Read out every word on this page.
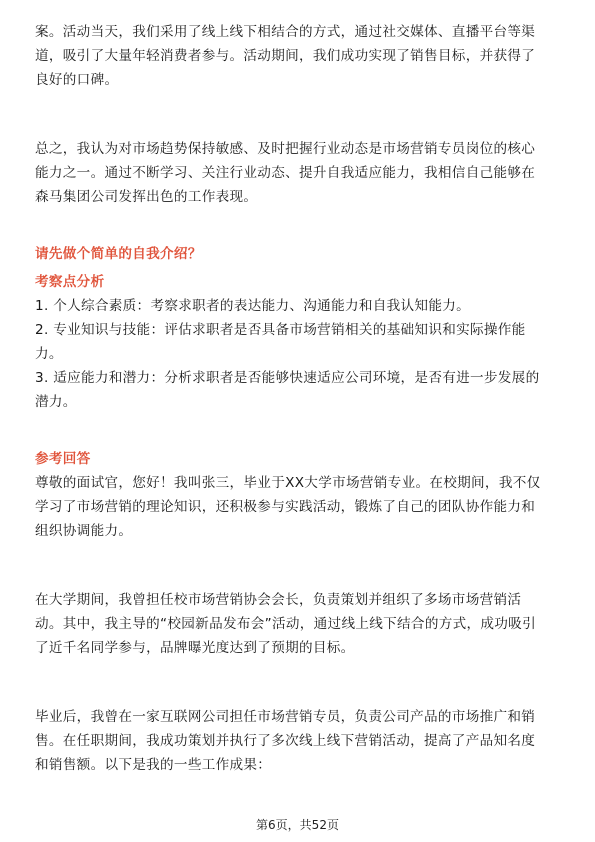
案。活动当天，我们采用了线上线下相结合的方式，通过社交媒体、直播平台等渠
道，吸引了大量年轻消费者参与。活动期间，我们成功实现了销售目标，并获得了
良好的口碑。
总之，我认为对市场趋势保持敏感、及时把握行业动态是市场营销专员岗位的核心
能力之一。通过不断学习、关注行业动态、提升自我适应能力，我相信自己能够在
森马集团公司发挥出色的工作表现。
请先做个简单的自我介绍？
考察点分析
1. 个人综合素质：考察求职者的表达能力、沟通能力和自我认知能力。
2. 专业知识与技能：评估求职者是否具备市场营销相关的基础知识和实际操作能
力。
3. 适应能力和潜力：分析求职者是否能够快速适应公司环境，是否有进一步发展的
潜力。
参考回答
尊敬的面试官，您好！我叫张三，毕业于XX大学市场营销专业。在校期间，我不仅
学习了市场营销的理论知识，还积极参与实践活动，锻炼了自己的团队协作能力和
组织协调能力。
在大学期间，我曾担任校市场营销协会会长，负责策划并组织了多场市场营销活
动。其中，我主导的“校园新品发布会”活动，通过线上线下结合的方式，成功吸引
了近千名同学参与，品牌曝光度达到了预期的目标。
毕业后，我曾在一家互联网公司担任市场营销专员，负责公司产品的市场推广和销
售。在任职期间，我成功策划并执行了多次线上线下营销活动，提高了产品知名度
和销售额。以下是我的一些工作成果：
第6页，共52页
